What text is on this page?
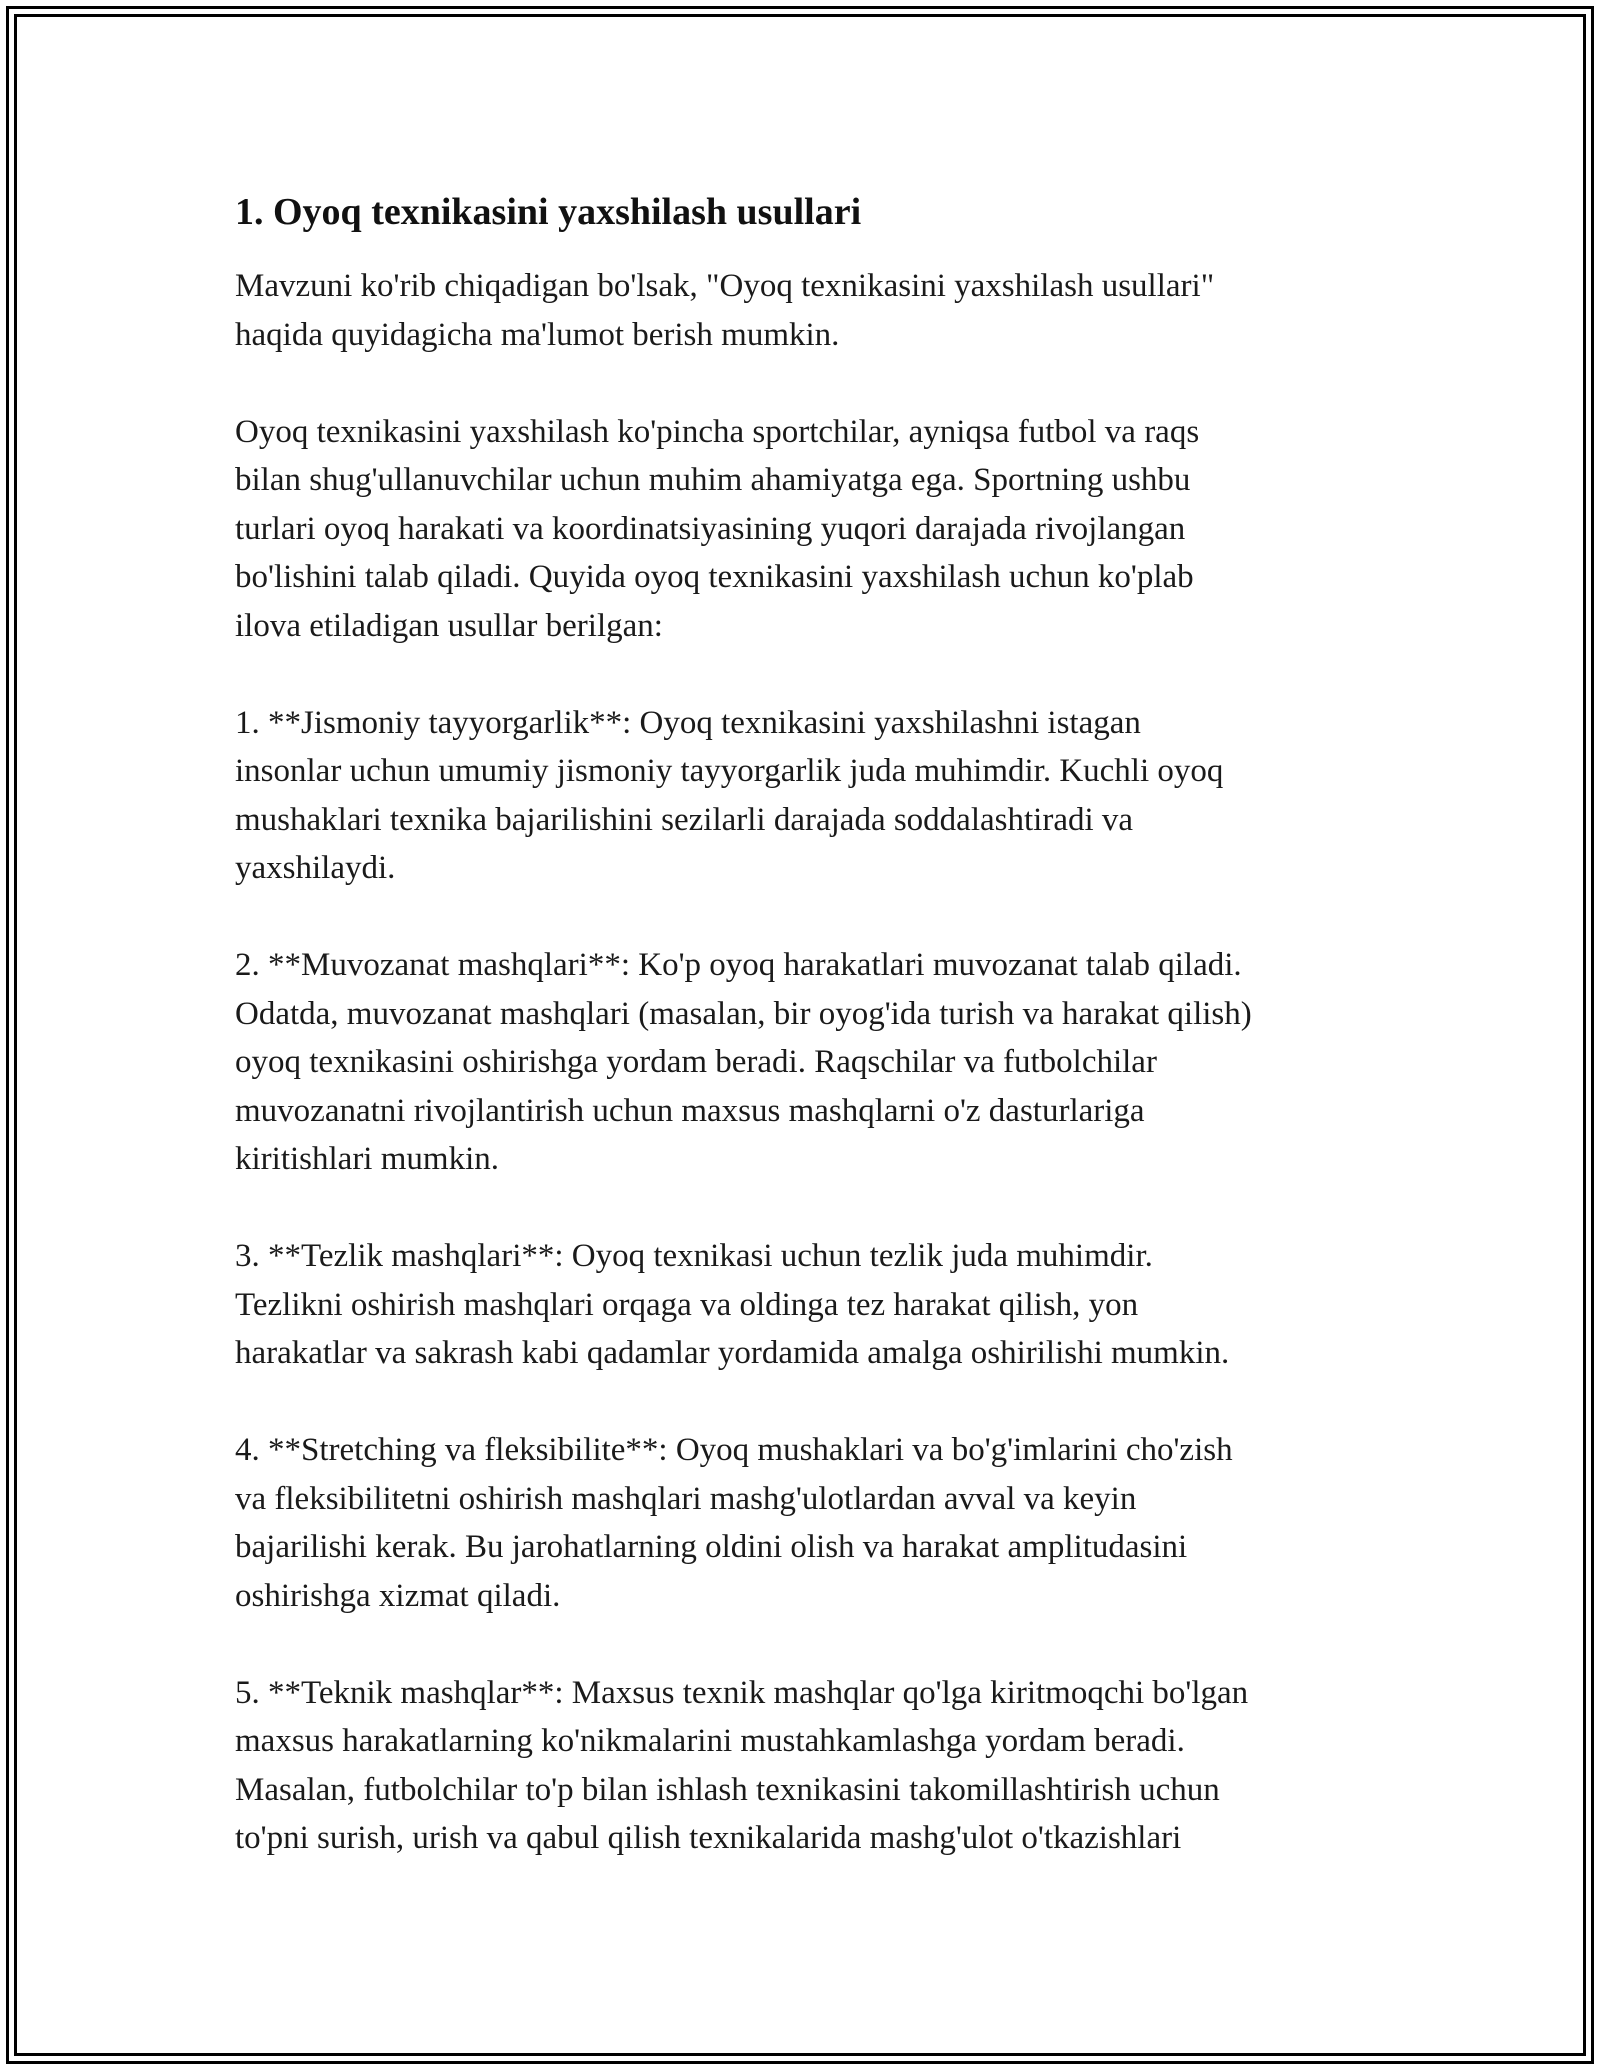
1. Oyoq texnikasini yaxshilash usullari

Mavzuni ko'rib chiqadigan bo'lsak, "Oyoq texnikasini yaxshilash usullari"
haqida quyidagicha ma'lumot berish mumkin.

Oyoq texnikasini yaxshilash ko'pincha sportchilar, ayniqsa futbol va raqs
bilan shug'ullanuvchilar uchun muhim ahamiyatga ega. Sportning ushbu
turlari oyoq harakati va koordinatsiyasining yuqori darajada rivojlangan
bo'lishini talab qiladi. Quyida oyoq texnikasini yaxshilash uchun ko'plab
ilova etiladigan usullar berilgan:

1. **Jismoniy tayyorgarlik**: Oyoq texnikasini yaxshilashni istagan
insonlar uchun umumiy jismoniy tayyorgarlik juda muhimdir. Kuchli oyoq
mushaklari texnika bajarilishini sezilarli darajada soddalashtiradi va
yaxshilaydi.

2. **Muvozanat mashqlari**: Ko'p oyoq harakatlari muvozanat talab qiladi.
Odatda, muvozanat mashqlari (masalan, bir oyog'ida turish va harakat qilish)
oyoq texnikasini oshirishga yordam beradi. Raqschilar va futbolchilar
muvozanatni rivojlantirish uchun maxsus mashqlarni o'z dasturlariga
kiritishlari mumkin.

3. **Tezlik mashqlari**: Oyoq texnikasi uchun tezlik juda muhimdir.
Tezlikni oshirish mashqlari orqaga va oldinga tez harakat qilish, yon
harakatlar va sakrash kabi qadamlar yordamida amalga oshirilishi mumkin.

4. **Stretching va fleksibilite**: Oyoq mushaklari va bo'g'imlarini cho'zish
va fleksibilitetni oshirish mashqlari mashg'ulotlardan avval va keyin
bajarilishi kerak. Bu jarohatlarning oldini olish va harakat amplitudasini
oshirishga xizmat qiladi.

5. **Teknik mashqlar**: Maxsus texnik mashqlar qo'lga kiritmoqchi bo'lgan
maxsus harakatlarning ko'nikmalarini mustahkamlashga yordam beradi.
Masalan, futbolchilar to'p bilan ishlash texnikasini takomillashtirish uchun
to'pni surish, urish va qabul qilish texnikalarida mashg'ulot o'tkazishlari
